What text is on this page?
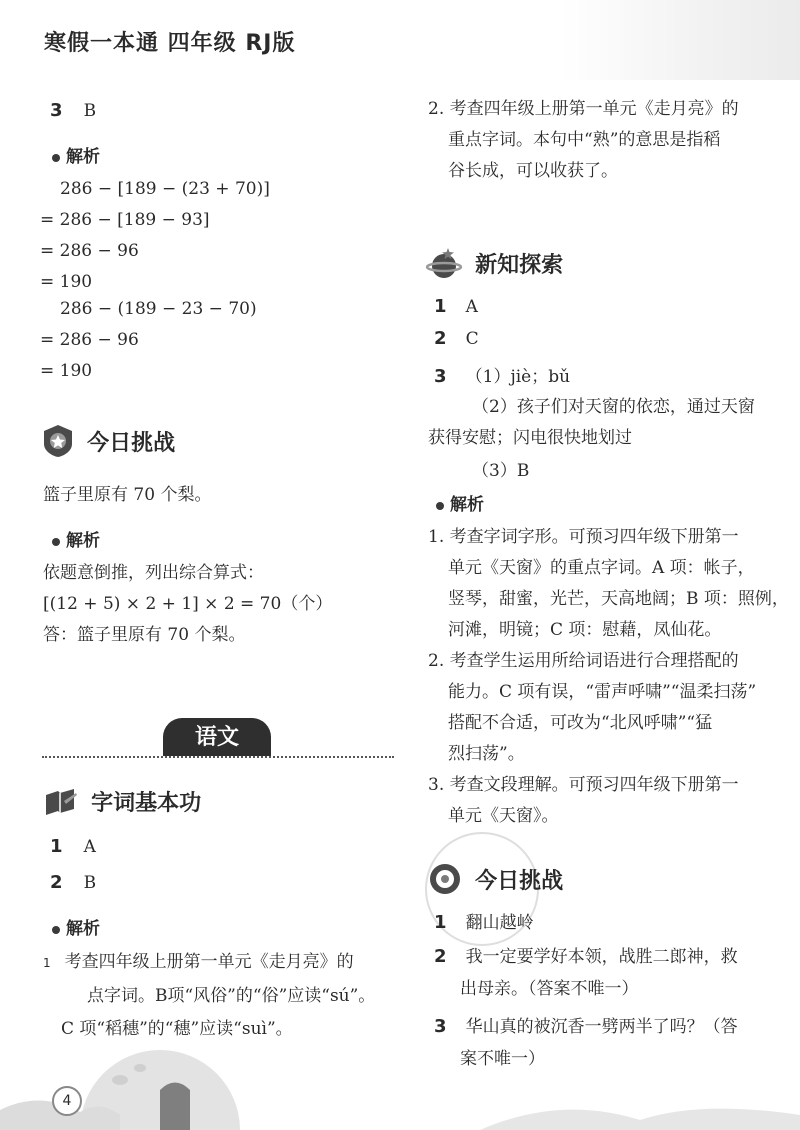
寒假一本通 四年级 RJ版
3 B
解析
286 − [189 − (23 + 70)]
= 286 − [189 − 93]
= 286 − 96
= 190
286 − (189 − 23 − 70)
= 286 − 96
= 190
今日挑战
篮子里原有 70 个梨。
解析
依题意倒推，列出综合算式：
[(12 + 5) × 2 + 1] × 2 = 70（个）
答：篮子里原有 70 个梨。
语文
字词基本功
1 A
2 B
解析
1 考查四年级上册第一单元《走月亮》的
点字词。B项“风俗”的“俗”应读“sú”。
C 项“稻穗”的“穗”应读“suì”。
2. 考查四年级上册第一单元《走月亮》的
重点字词。本句中“熟”的意思是指稻
谷长成，可以收获了。
新知探索
1 A
2 C
3 （1）jiè；bǔ
（2）孩子们对天窗的依恋，通过天窗
获得安慰；闪电很快地划过
（3）B
解析
1. 考查字词字形。可预习四年级下册第一
单元《天窗》的重点字词。A 项：帐子，
竖琴，甜蜜，光芒，天高地阔；B 项：照例，
河滩，明镜；C 项：慰藉，凤仙花。
2. 考查学生运用所给词语进行合理搭配的
能力。C 项有误，“雷声呼啸”“温柔扫荡”
搭配不合适，可改为“北风呼啸”“猛
烈扫荡”。
3. 考查文段理解。可预习四年级下册第一
单元《天窗》。
今日挑战
1 翻山越岭
2 我一定要学好本领，战胜二郎神，救
出母亲。（答案不唯一）
3 华山真的被沉香一劈两半了吗？（答
案不唯一）
4
